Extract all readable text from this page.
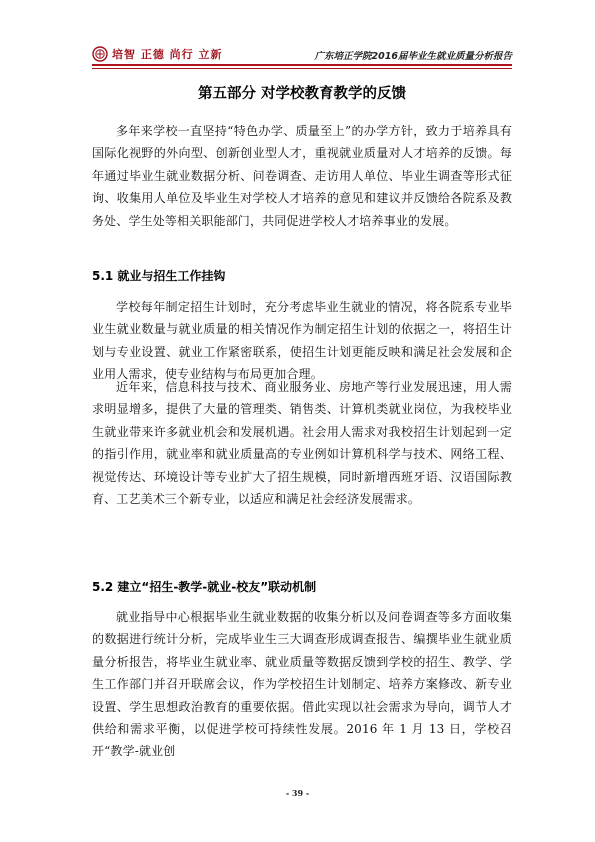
培智 正德 尚行 立新	广东培正学院2016届毕业生就业质量分析报告
第五部分 对学校教育教学的反馈

多年来学校一直坚持“特色办学、质量至上”的办学方针，致力于培养具有国际化视野的外向型、创新创业型人才，重视就业质量对人才培养的反馈。每年通过毕业生就业数据分析、问卷调查、走访用人单位、毕业生调查等形式征询、收集用人单位及毕业生对学校人才培养的意见和建议并反馈给各院系及教务处、学生处等相关职能部门，共同促进学校人才培养事业的发展。

5.1 就业与招生工作挂钩

学校每年制定招生计划时，充分考虑毕业生就业的情况，将各院系专业毕业生就业数量与就业质量的相关情况作为制定招生计划的依据之一，将招生计划与专业设置、就业工作紧密联系，使招生计划更能反映和满足社会发展和企业用人需求，使专业结构与布局更加合理。

近年来，信息科技与技术、商业服务业、房地产等行业发展迅速，用人需求明显增多，提供了大量的管理类、销售类、计算机类就业岗位，为我校毕业生就业带来许多就业机会和发展机遇。社会用人需求对我校招生计划起到一定的指引作用，就业率和就业质量高的专业例如计算机科学与技术、网络工程、视觉传达、环境设计等专业扩大了招生规模，同时新增西班牙语、汉语国际教育、工艺美术三个新专业，以适应和满足社会经济发展需求。

5.2 建立“招生-教学-就业-校友”联动机制

就业指导中心根据毕业生就业数据的收集分析以及问卷调查等多方面收集的数据进行统计分析，完成毕业生三大调查形成调查报告、编撰毕业生就业质量分析报告，将毕业生就业率、就业质量等数据反馈到学校的招生、教学、学生工作部门并召开联席会议，作为学校招生计划制定、培养方案修改、新专业设置、学生思想政治教育的重要依据。借此实现以社会需求为导向，调节人才供给和需求平衡，以促进学校可持续性发展。2016 年 1 月 13 日，学校召开“教学-就业创

- 39 -
